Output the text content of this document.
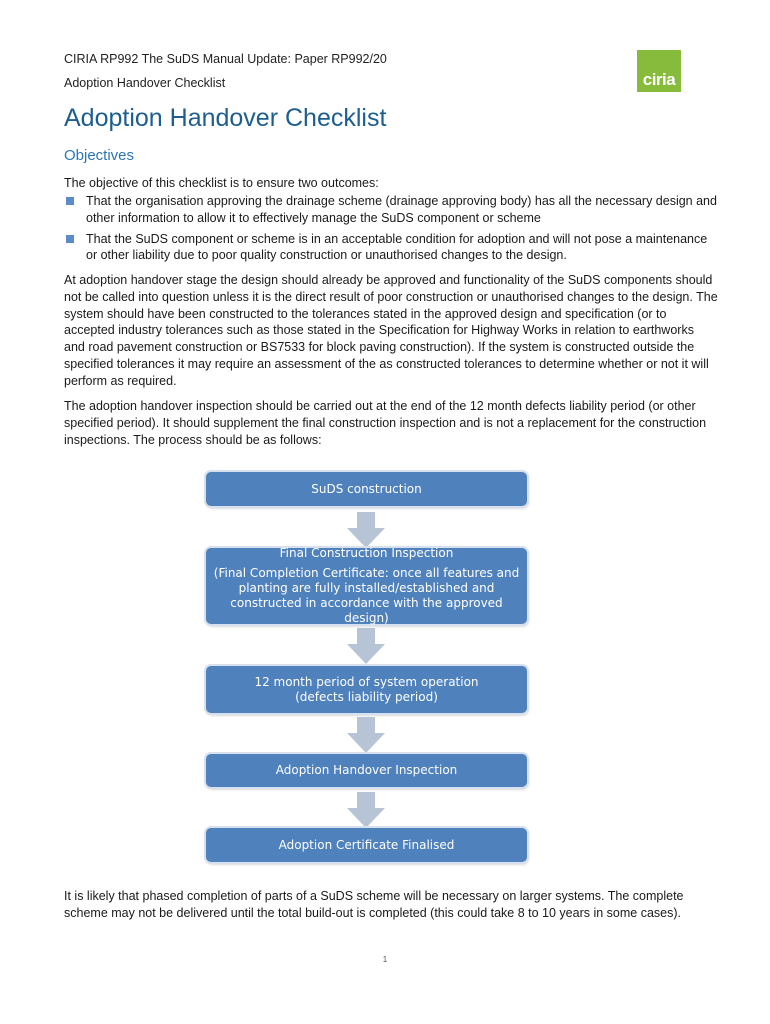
CIRIA RP992 The SuDS Manual Update: Paper RP992/20
Adoption Handover Checklist	ciria
Adoption Handover Checklist
Objectives

The objective of this checklist is to ensure two outcomes:

That the organisation approving the drainage scheme (drainage approving body) has all the necessary design and other information to allow it to effectively manage the SuDS component or scheme
That the SuDS component or scheme is in an acceptable condition for adoption and will not pose a maintenance or other liability due to poor quality construction or unauthorised changes to the design.

At adoption handover stage the design should already be approved and functionality of the SuDS components should not be called into question unless it is the direct result of poor construction or unauthorised changes to the design. The system should have been constructed to the tolerances stated in the approved design and specification (or to accepted industry tolerances such as those stated in the Specification for Highway Works in relation to earthworks and road pavement construction or BS7533 for block paving construction). If the system is constructed outside the specified tolerances it may require an assessment of the as constructed tolerances to determine whether or not it will perform as required.

The adoption handover inspection should be carried out at the end of the 12 month defects liability period (or other specified period). It should supplement the final construction inspection and is not a replacement for the construction inspections. The process should be as follows:

SuDS construction
Final Construction Inspection
(Final Completion Certificate: once all features and planting are fully installed/established and constructed in accordance with the approved design)
12 month period of system operation
(defects liability period)
Adoption Handover Inspection
Adoption Certificate Finalised

It is likely that phased completion of parts of a SuDS scheme will be necessary on larger systems. The complete scheme may not be delivered until the total build-out is completed (this could take 8 to 10 years in some cases).

1
